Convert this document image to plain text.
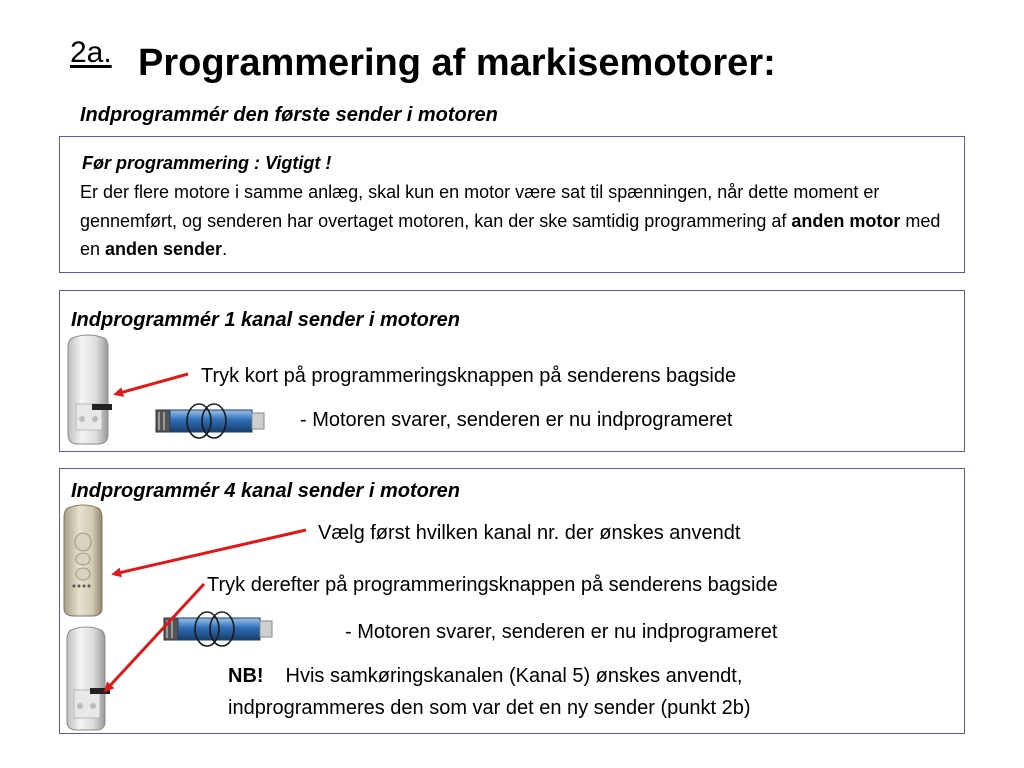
2a. Programmering af markisemotorer:
Indprogrammér den første sender i motoren
Før programmering : Vigtigt !
Er der flere motore i samme anlæg, skal kun en motor være sat til spænningen, når dette moment er gennemført, og senderen har overtaget motoren, kan der ske samtidig programmering af anden motor med en anden sender.
Indprogrammér 1 kanal sender i motoren
Tryk kort på programmeringsknappen på senderens bagside
- Motoren svarer, senderen er nu indprogrameret
Indprogrammér 4 kanal sender i motoren
Vælg først hvilken kanal nr. der ønskes anvendt
Tryk derefter på programmeringsknappen på senderens bagside
- Motoren svarer, senderen er nu indprogrameret
NB! Hvis samkøringskanalen (Kanal 5) ønskes anvendt,
indprogrammeres den som var det en ny sender (punkt 2b)
